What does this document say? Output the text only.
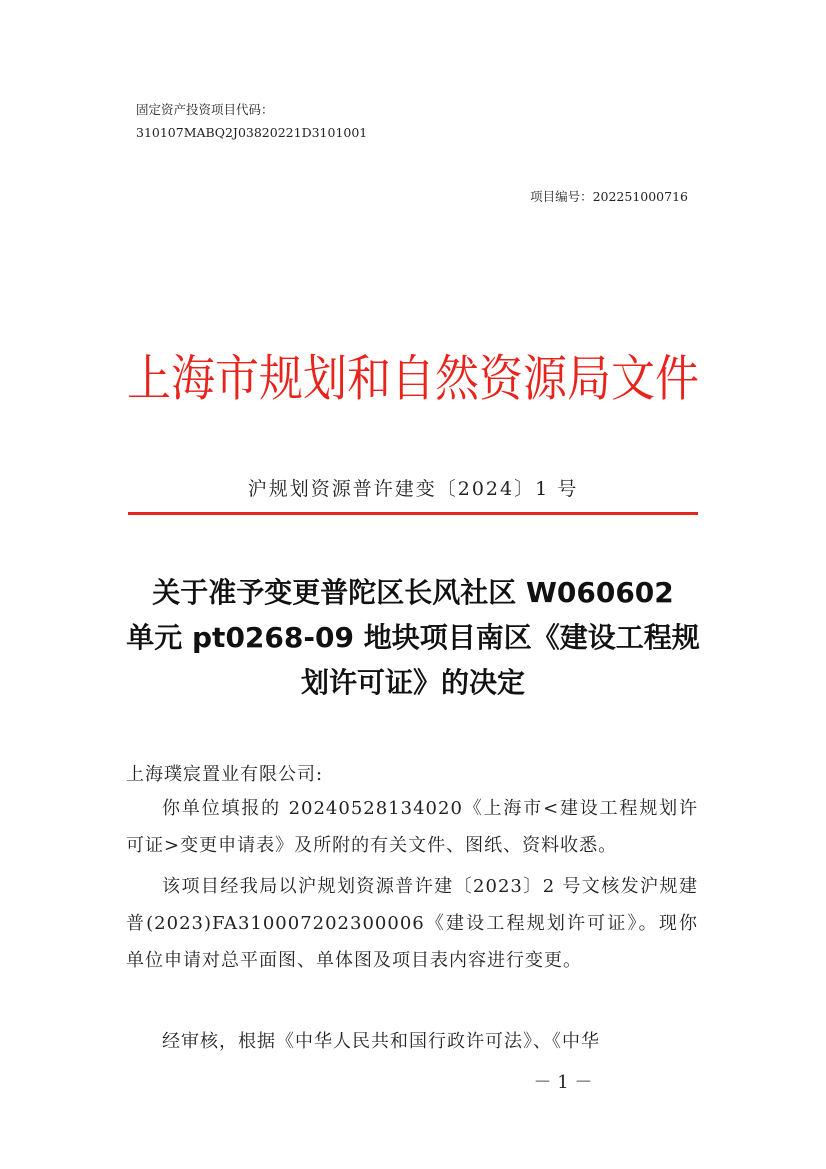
固定资产投资项目代码：
310107MABQ2J03820221D3101001
项目编号：202251000716
上海市规划和自然资源局文件
沪规划资源普许建变〔2024〕1 号
关于准予变更普陀区长风社区 W060602
单元 pt0268-09 地块项目南区《建设工程规
划许可证》的决定
上海璞宸置业有限公司:
你单位填报的 20240528134020《上海市<建设工程规划许可证>变更申请表》及所附的有关文件、图纸、资料收悉。
该项目经我局以沪规划资源普许建〔2023〕2 号文核发沪规建普(2023)FA310007202300006《建设工程规划许可证》。现你单位申请对总平面图、单体图及项目表内容进行变更。
经审核，根据《中华人民共和国行政许可法》、《中华
－ 1 －
